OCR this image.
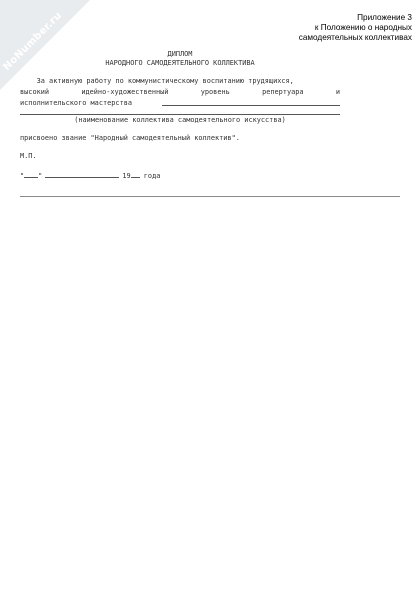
NoNumber.ru	Приложение 3
к Положению о народных
самодеятельных коллективах
ДИПЛОМ
НАРОДНОГО САМОДЕЯТЕЛЬНОГО КОЛЛЕКТИВА
За активную работу по коммунистическому воспитанию трудящихся,
высокий	идейно-художественный	уровень	репертуара	и
исполнительского мастерства
(наименование коллектива самодеятельного искусства)
присвоено звание "Народный самодеятельный коллектив".
М.П.
" "	19 года
